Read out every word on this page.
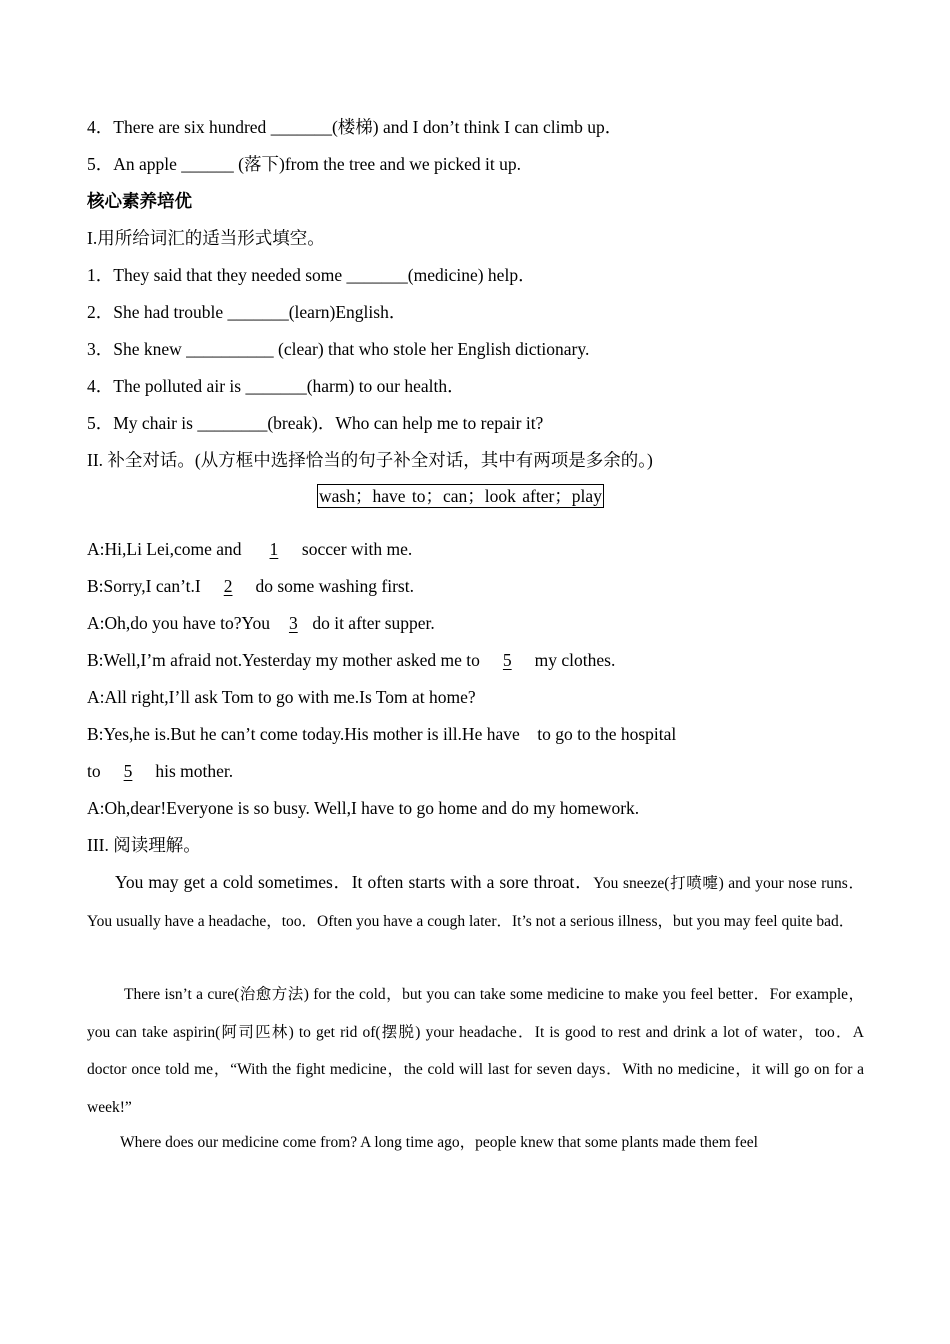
4．There are six hundred _______(楼梯) and I don’t think I can climb up．
5．An apple ______ (落下)from the tree and we picked it up.
核心素养培优
I.用所给词汇的适当形式填空。
1．They said that they needed some _______(medicine) help．
2．She had trouble _______(learn)English．
3．She knew __________ (clear) that who stole her English dictionary.
4．The polluted air is _______(harm) to our health．
5．My chair is ________(break)．Who can help me to repair it?
II. 补全对话。(从方框中选择恰当的句子补全对话，其中有两项是多余的。)
wash；have to；can；look after；play
A:Hi,Li Lei,come and 1 soccer with me.
B:Sorry,I can’t.I 2 do some washing first.
A:Oh,do you have to?You 3 do it after supper.
B:Well,I’m afraid not.Yesterday my mother asked me to 5 my clothes.
A:All right,I’ll ask Tom to go with me.Is Tom at home?
B:Yes,he is.But he can’t come today.His mother is ill.He have    to go to the hospital
to 5 his mother.
A:Oh,dear!Everyone is so busy. Well,I have to go home and do my homework.
III. 阅读理解。
You may get a cold sometimes．It often starts with a sore throat．You sneeze(打喷嚏) and your nose runs．You usually have a headache，too．Often you have a cough later．It’s not a serious illness，but you may feel quite bad．
There isn’t a cure(治愈方法) for the cold，but you can take some medicine to make you feel better．For example，you can take aspirin(阿司匹林) to get rid of(摆脱) your headache．It is good to rest and drink a lot of water，too．A doctor once told me，“With the fight medicine，the cold will last for seven days．With no medicine，it will go on for a week!”
Where does our medicine come from? A long time ago，people knew that some plants made them feel
